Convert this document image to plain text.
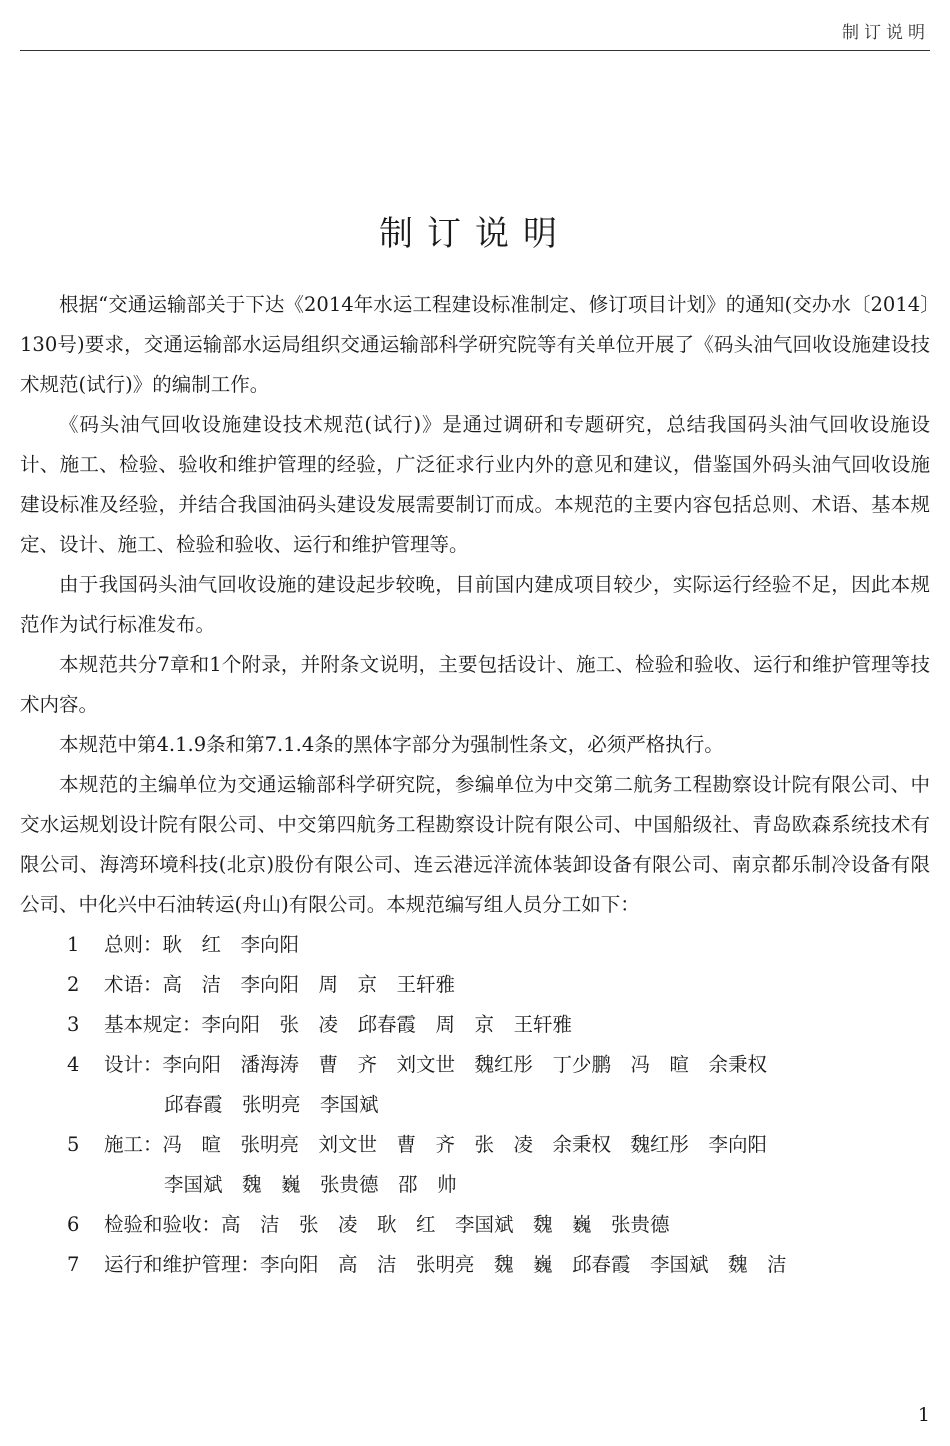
制订说明
制订说明

根据“交通运输部关于下达《2014年水运工程建设标准制定、修订项目计划》的通知(交办水〔2014〕130号)要求，交通运输部水运局组织交通运输部科学研究院等有关单位开展了《码头油气回收设施建设技术规范(试行)》的编制工作。

《码头油气回收设施建设技术规范(试行)》是通过调研和专题研究，总结我国码头油气回收设施设计、施工、检验、验收和维护管理的经验，广泛征求行业内外的意见和建议，借鉴国外码头油气回收设施建设标准及经验，并结合我国油码头建设发展需要制订而成。本规范的主要内容包括总则、术语、基本规定、设计、施工、检验和验收、运行和维护管理等。

由于我国码头油气回收设施的建设起步较晚，目前国内建成项目较少，实际运行经验不足，因此本规范作为试行标准发布。

本规范共分7章和1个附录，并附条文说明，主要包括设计、施工、检验和验收、运行和维护管理等技术内容。

本规范中第4.1.9条和第7.1.4条的黑体字部分为强制性条文，必须严格执行。

本规范的主编单位为交通运输部科学研究院，参编单位为中交第二航务工程勘察设计院有限公司、中交水运规划设计院有限公司、中交第四航务工程勘察设计院有限公司、中国船级社、青岛欧森系统技术有限公司、海湾环境科技(北京)股份有限公司、连云港远洋流体装卸设备有限公司、南京都乐制冷设备有限公司、中化兴中石油转运(舟山)有限公司。本规范编写组人员分工如下：

1 总则：耿　红　李向阳
2 术语：高　洁　李向阳　周　京　王轩雅
3 基本规定：李向阳　张　凌　邱春霞　周　京　王轩雅
4 设计：李向阳　潘海涛　曹　齐　刘文世　魏红彤　丁少鹏　冯　暄　余秉权
邱春霞　张明亮　李国斌
5 施工：冯　暄　张明亮　刘文世　曹　齐　张　凌　余秉权　魏红彤　李向阳
李国斌　魏　巍　张贵德　邵　帅
6 检验和验收：高　洁　张　凌　耿　红　李国斌　魏　巍　张贵德
7 运行和维护管理：李向阳　高　洁　张明亮　魏　巍　邱春霞　李国斌　魏　洁
1
